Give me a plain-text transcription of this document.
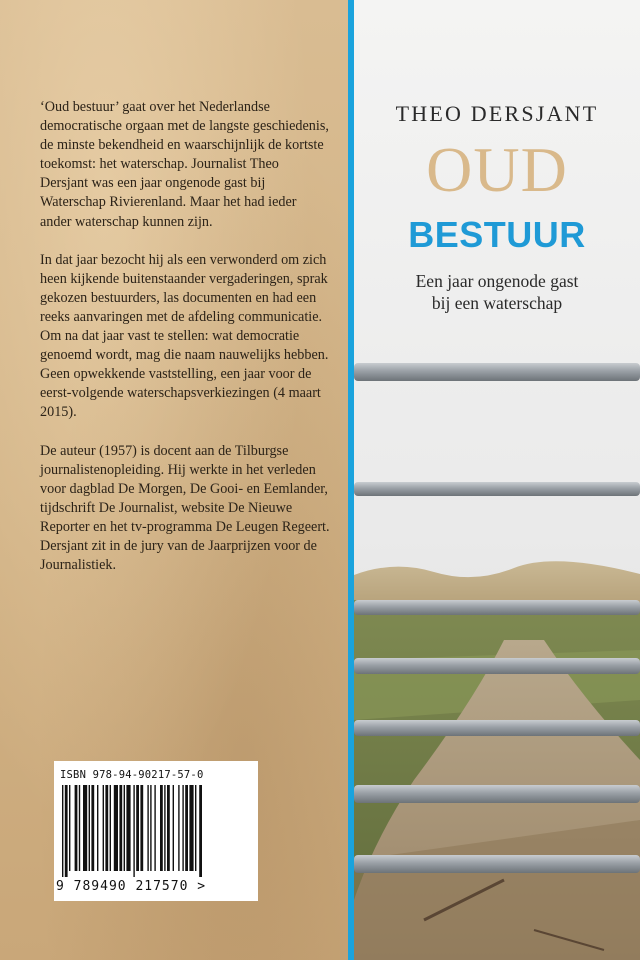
‘Oud bestuur’ gaat over het Nederlandse democratische orgaan met de langste geschiedenis, de minste bekendheid en waarschijnlijk de kortste toekomst: het waterschap. Journalist Theo Dersjant was een jaar ongenode gast bij Waterschap Rivierenland. Maar het had ieder ander waterschap kunnen zijn.

In dat jaar bezocht hij als een verwonderd om zich heen kijkende buitenstaander vergaderingen, sprak gekozen bestuurders, las documenten en had een reeks aanvaringen met de afdeling communicatie. Om na dat jaar vast te stellen: wat democratie genoemd wordt, mag die naam nauwelijks hebben. Geen opwekkende vaststelling, een jaar voor de eerst-volgende waterschapsverkiezingen (4 maart 2015).

De auteur (1957) is docent aan de Tilburgse journalistenopleiding. Hij werkte in het verleden voor dagblad De Morgen, De Gooi- en Eemlander, tijdschrift De Journalist, website De Nieuwe Reporter en het tv-programma De Leugen Regeert. Dersjant zit in de jury van de Jaarprijzen voor de Journalistiek.

ISBN 978-94-90217-57-0
9 789490 217570 >
THEO DERSJANT
OUD
BESTUUR
Een jaar ongenode gast
bij een waterschap
